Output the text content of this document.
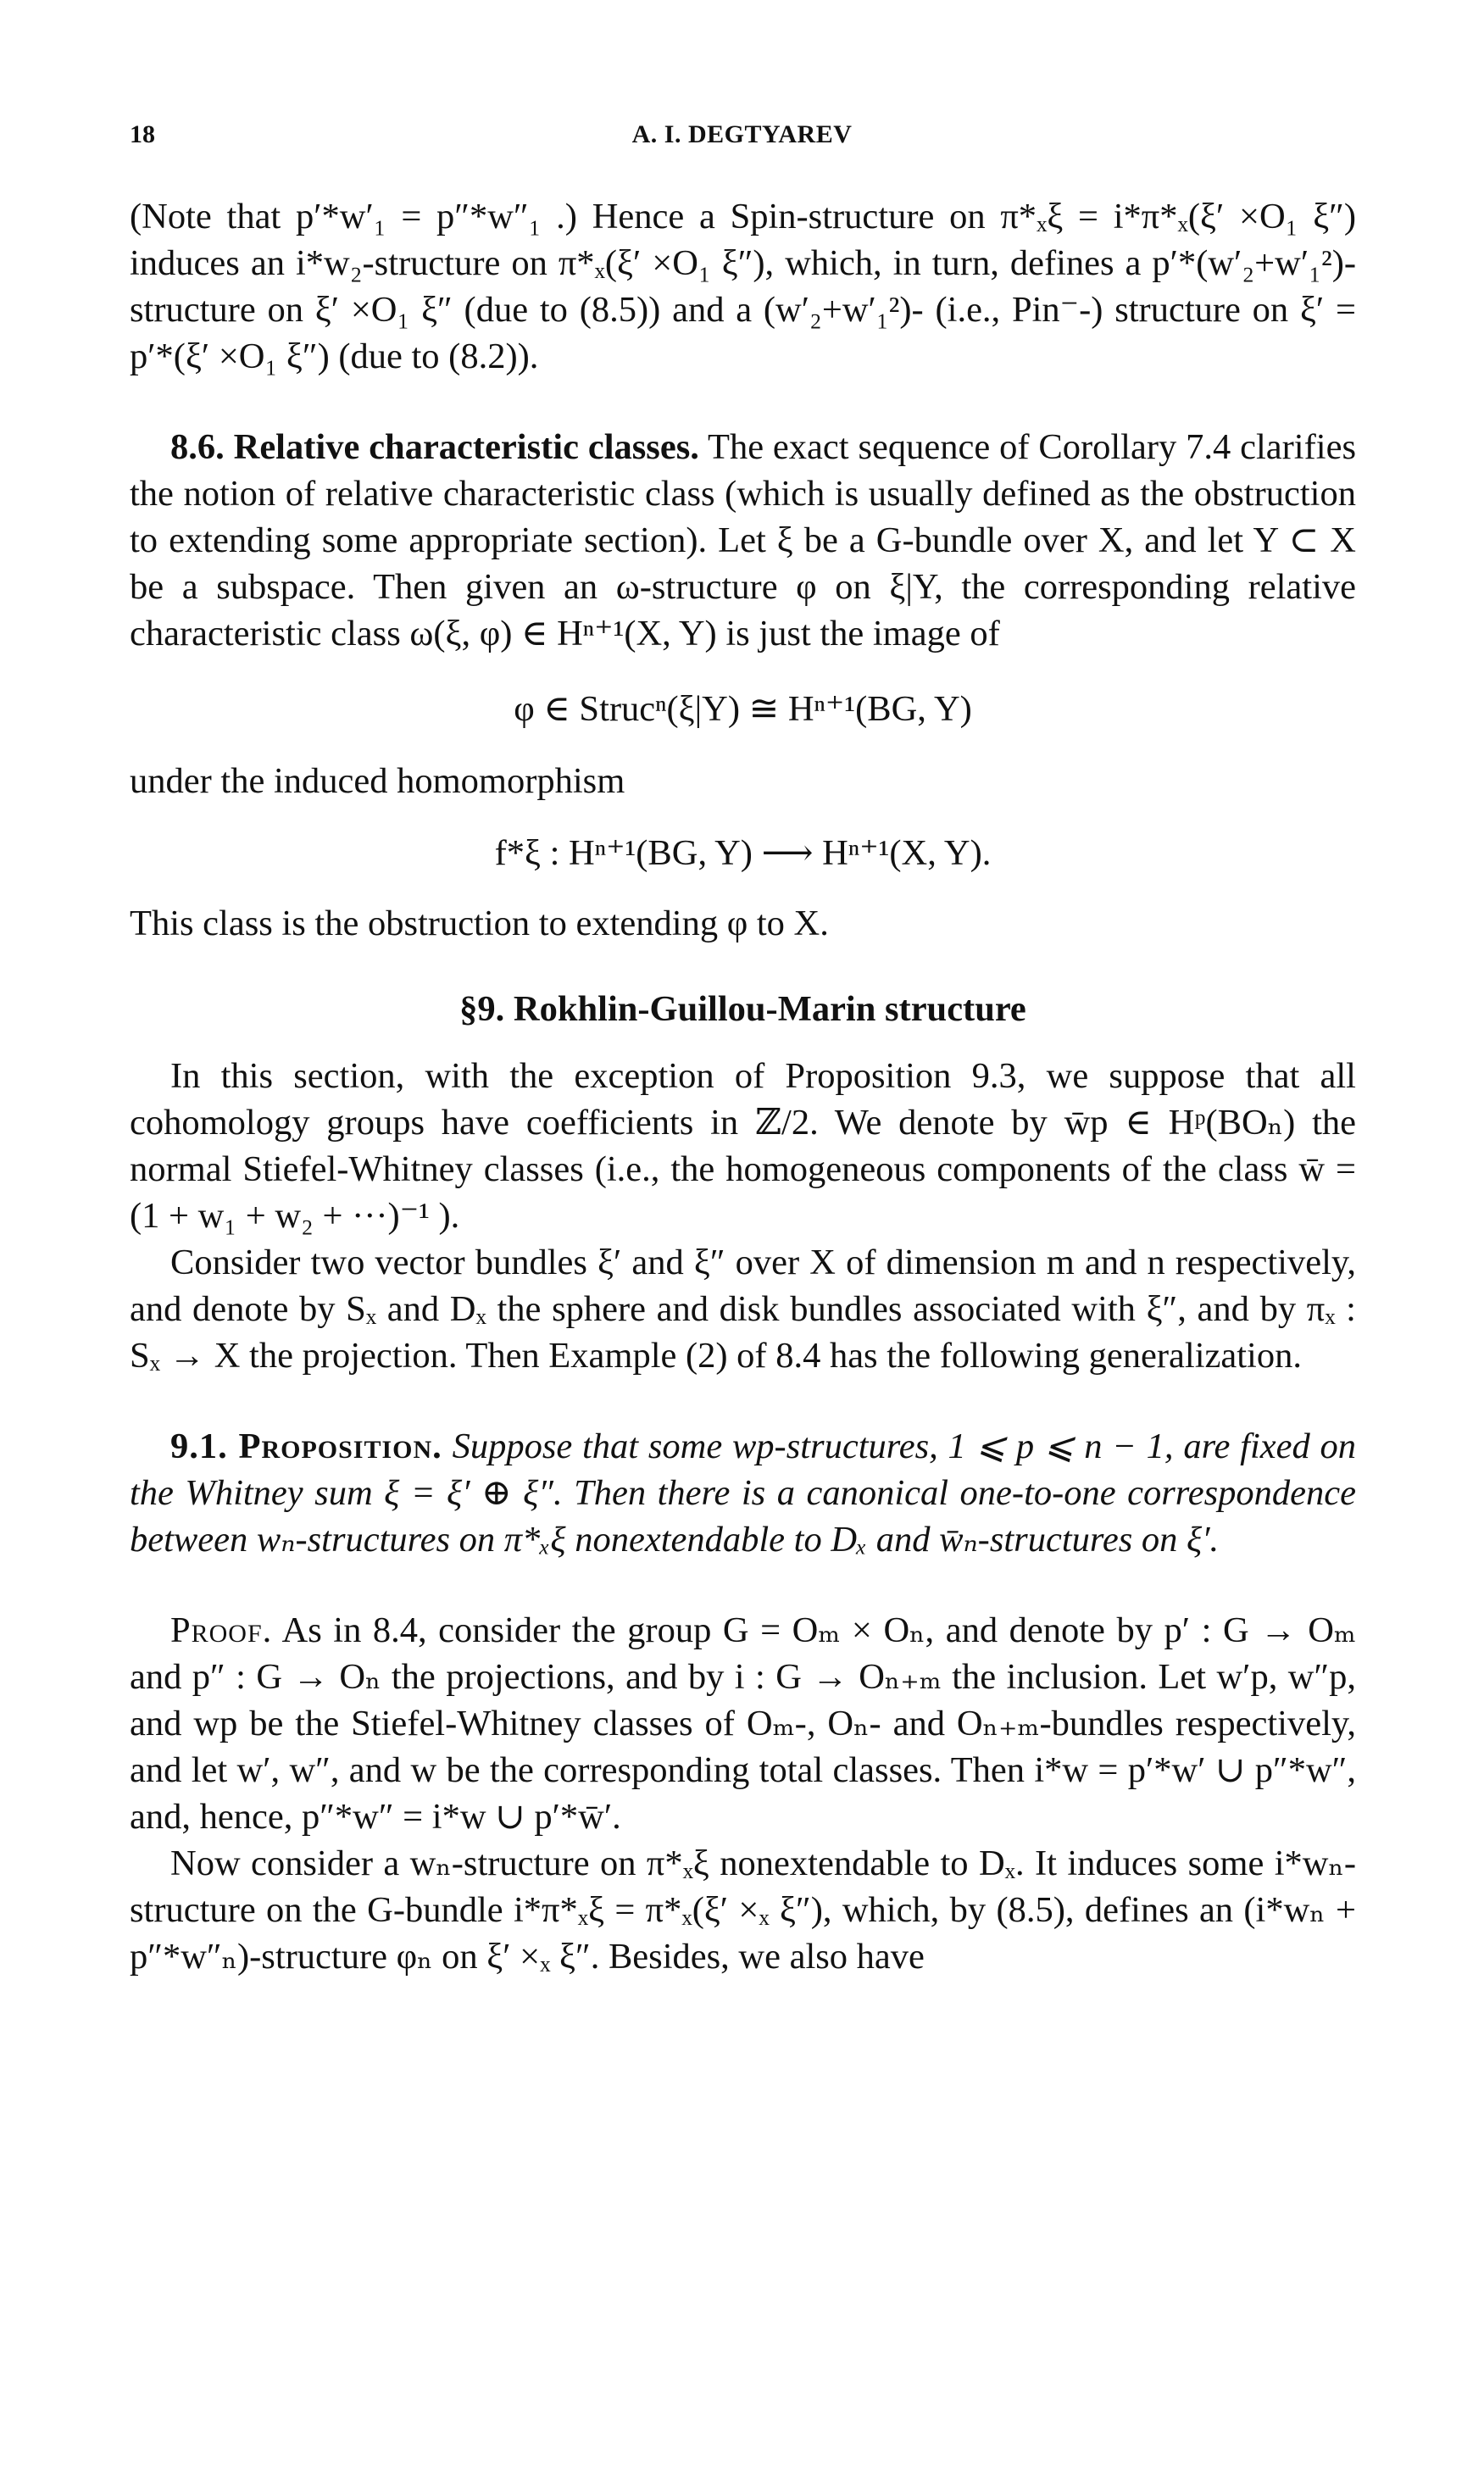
18	A. I. DEGTYAREV

(Note that p′*w′₁ = p″*w″₁ .) Hence a Spin-structure on π*ₓξ = i*π*ₓ(ξ′ ×O₁ ξ″) induces an i*w₂-structure on π*ₓ(ξ′ ×O₁ ξ″), which, in turn, defines a p′*(w′₂+w′₁²)-structure on ξ′ ×O₁ ξ″ (due to (8.5)) and a (w′₂+w′₁²)- (i.e., Pin⁻-) structure on ξ′ = p′*(ξ′ ×O₁ ξ″) (due to (8.2)).

8.6. Relative characteristic classes. The exact sequence of Corollary 7.4 clarifies the notion of relative characteristic class (which is usually defined as the obstruction to extending some appropriate section). Let ξ be a G-bundle over X, and let Y ⊂ X be a subspace. Then given an ω-structure φ on ξ|Y, the corresponding relative characteristic class ω(ξ, φ) ∈ Hⁿ⁺¹(X, Y) is just the image of

φ ∈ Strucⁿ(ξ|Y) ≅ Hⁿ⁺¹(BG, Y)

under the induced homomorphism

f*ξ : Hⁿ⁺¹(BG, Y) ⟶ Hⁿ⁺¹(X, Y).

This class is the obstruction to extending φ to X.

§9. Rokhlin-Guillou-Marin structure

In this section, with the exception of Proposition 9.3, we suppose that all cohomology groups have coefficients in ℤ/2. We denote by w̄p ∈ Hᵖ(BOₙ) the normal Stiefel-Whitney classes (i.e., the homogeneous components of the class w̄ = (1 + w₁ + w₂ + ···)⁻¹ ).

Consider two vector bundles ξ′ and ξ″ over X of dimension m and n respectively, and denote by Sₓ and Dₓ the sphere and disk bundles associated with ξ″, and by πₓ : Sₓ → X the projection. Then Example (2) of 8.4 has the following generalization.

9.1. Proposition. Suppose that some wp-structures, 1 ⩽ p ⩽ n − 1, are fixed on the Whitney sum ξ = ξ′ ⊕ ξ″. Then there is a canonical one-to-one correspondence between wₙ-structures on π*ₓξ nonextendable to Dₓ and w̄ₙ-structures on ξ′.

Proof. As in 8.4, consider the group G = Oₘ × Oₙ, and denote by p′ : G → Oₘ and p″ : G → Oₙ the projections, and by i : G → Oₙ₊ₘ the inclusion. Let w′p, w″p, and wp be the Stiefel-Whitney classes of Oₘ-, Oₙ- and Oₙ₊ₘ-bundles respectively, and let w′, w″, and w be the corresponding total classes. Then i*w = p′*w′ ∪ p″*w″, and, hence, p″*w″ = i*w ∪ p′*w̄′.

Now consider a wₙ-structure on π*ₓξ nonextendable to Dₓ. It induces some i*wₙ-structure on the G-bundle i*π*ₓξ = π*ₓ(ξ′ ×ₓ ξ″), which, by (8.5), defines an (i*wₙ + p″*w″ₙ)-structure φₙ on ξ′ ×ₓ ξ″. Besides, we also have
